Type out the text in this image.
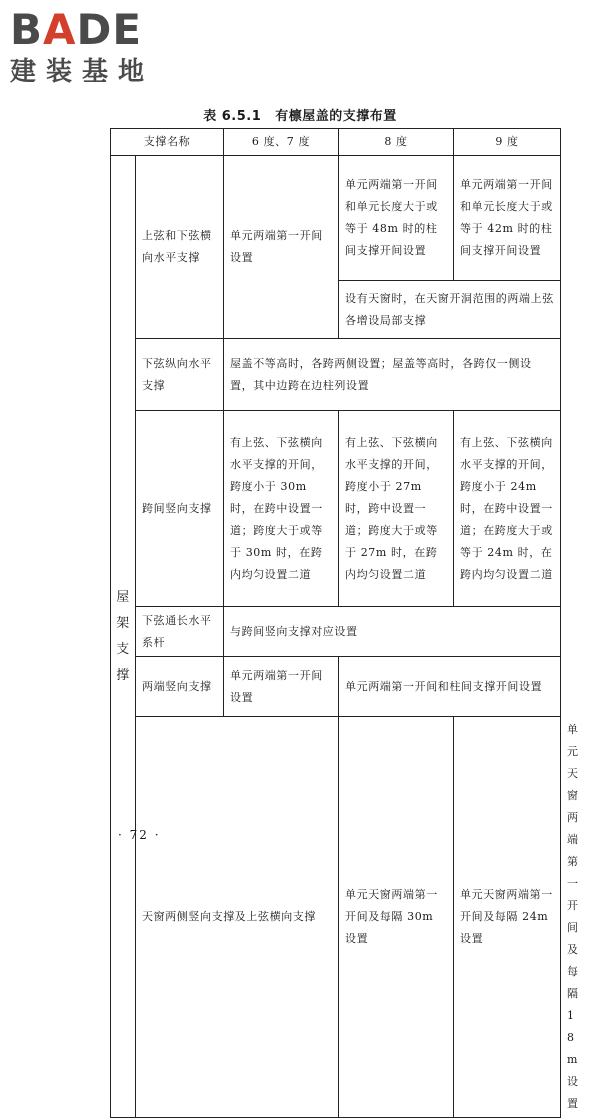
BADE
建装基地
表 6.5.1 有檩屋盖的支撑布置
支撑名称		6 度、7 度	8 度	9 度	

屋
架
支
撑	上弦和下弦横向水平支撑	单元两端第一开间设置	单元两端第一开间和单元长度大于或等于 48m 时的柱间支撑开间设置	单元两端第一开间和单元长度大于或等于 42m 时的柱间支撑开间设置	
			设有天窗时，在天窗开洞范围的两端上弦各增设局部支撑		
	下弦纵向水平支撑	屋盖不等高时，各跨两侧设置；屋盖等高时，各跨仅一侧设置，其中边跨在边柱列设置			
	跨间竖向支撑	有上弦、下弦横向水平支撑的开间，跨度小于 30m 时，在跨中设置一道；跨度大于或等于 30m 时，在跨内均匀设置二道	有上弦、下弦横向水平支撑的开间，跨度小于 27m 时，跨中设置一道；跨度大于或等于 27m 时，在跨内均匀设置二道	有上弦、下弦横向水平支撑的开间，跨度小于 24m 时，在跨中设置一道；在跨度大于或等于 24m 时，在跨内均匀设置二道	
	下弦通长水平系杆	与跨间竖向支撑对应设置			
	两端竖向支撑	单元两端第一开间设置	单元两端第一开间和柱间支撑开间设置		
	天窗两侧竖向支撑及上弦横向支撑		单元天窗两端第一开间及每隔 30m 设置	单元天窗两端第一开间及每隔 24m 设置	单元天窗两端第一开间及每隔 18m 设置
· 72 ·
